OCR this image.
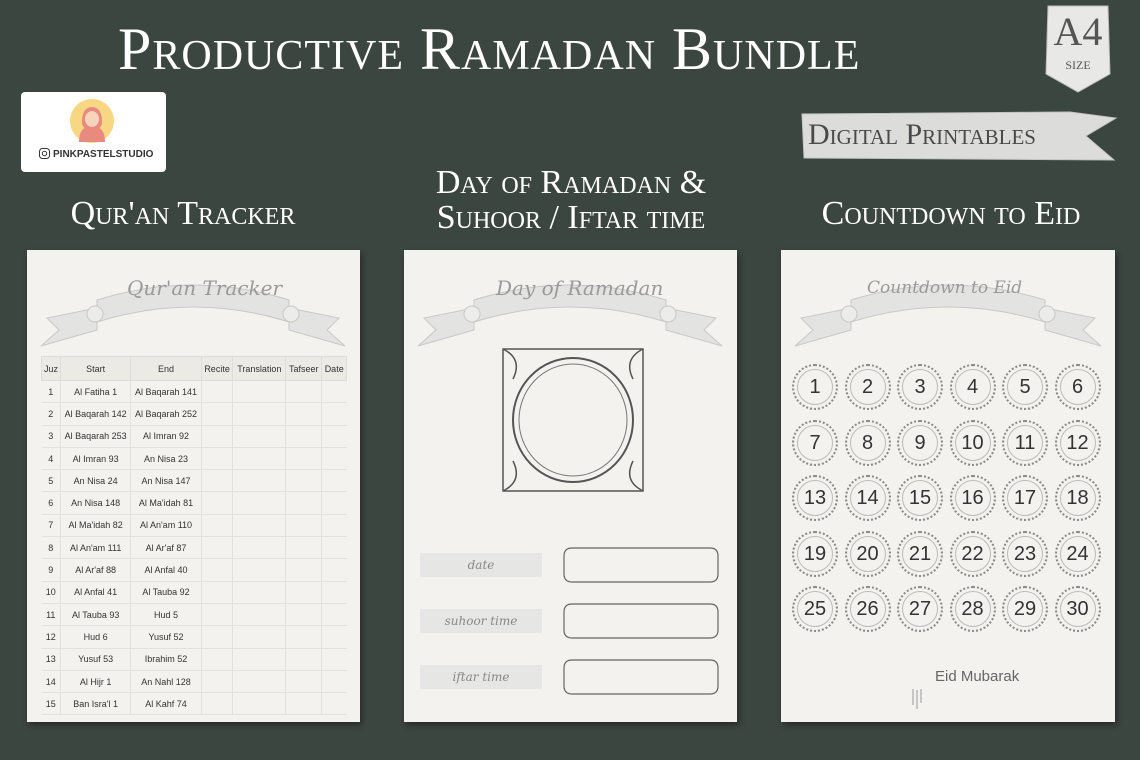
Productive Ramadan Bundle	A4
size
Digital Printables
PINKPASTELSTUDIO
Qur'an Tracker
Day of Ramadan &
Suhoor / Iftar time	Countdown to Eid
Qur'an Tracker
Juz	Start	End	Recite	Translation	Tafseer	Date
1	Al Fatiha 1	Al Baqarah 141				
2	Al Baqarah 142	Al Baqarah 252				
3	Al Baqarah 253	Al Imran 92				
4	Al Imran 93	An Nisa 23				
5	An Nisa 24	An Nisa 147				
6	An Nisa 148	Al Ma'idah 81				
7	Al Ma'idah 82	Al An'am 110				
8	Al An'am 111	Al Ar'af 87				
9	Al Ar'af 88	Al Anfal 40				
10	Al Anfal 41	Al Tauba 92				
11	Al Tauba 93	Hud 5				
12	Hud 6	Yusuf 52				
13	Yusuf 53	Ibrahim 52				
14	Al Hijr 1	An Nahl 128				
15	Ban Isra'l 1	Al Kahf 74				
Day of Ramadan
date
suhoor time
iftar time
Countdown to Eid
1	2	3	4	5	6
7	8	9	10	11	12
13	14	15	16	17	18
19	20	21	22	23	24
25	26	27	28	29	30
Eid Mubarak
